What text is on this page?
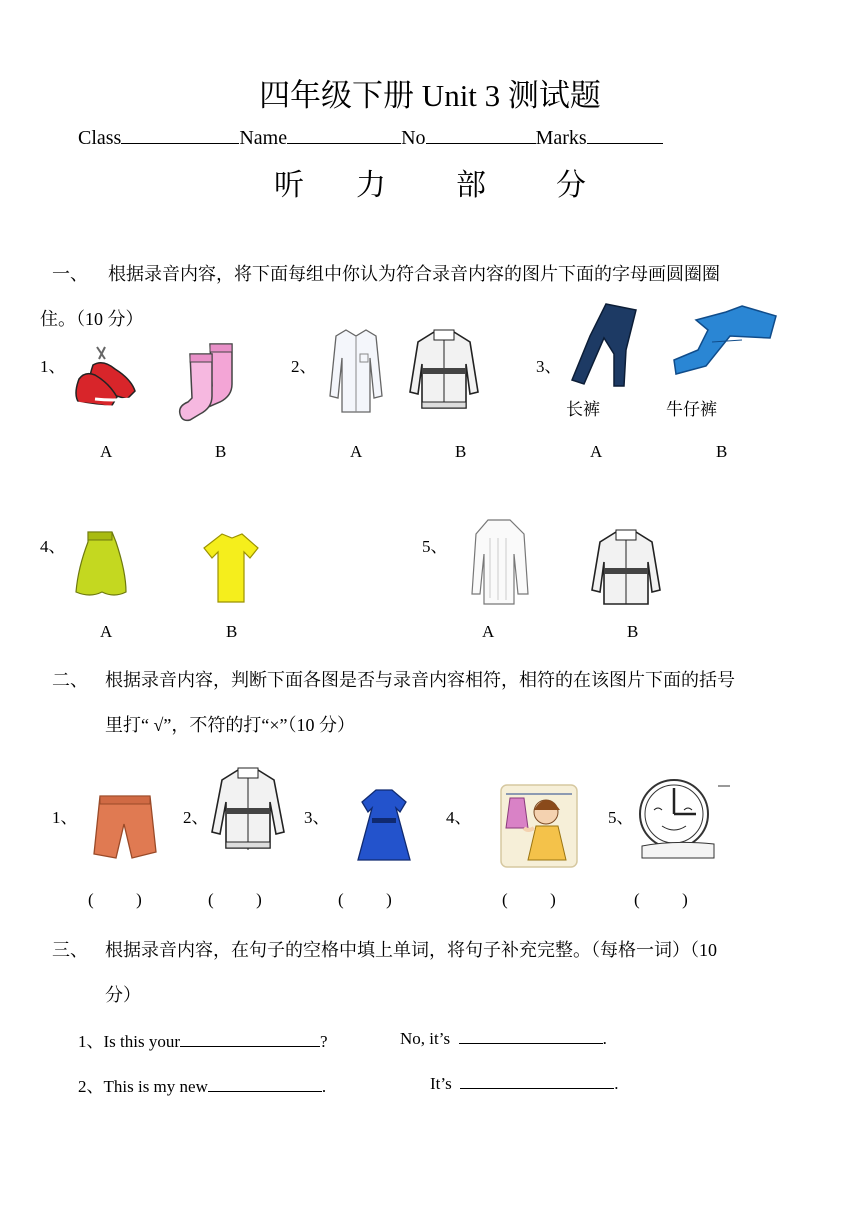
四年级下册 Unit 3 测试题
Class	Name	No	Marks
听 力 部 分
一、 根据录音内容，将下面每组中你认为符合录音内容的图片下面的字母画圆圈圈
住。（10 分）
1、	2、	3、
长裤	牛仔裤
A	B	A	B	A	B
4、	5、
A	B	A	B
二、 根据录音内容，判断下面各图是否与录音内容相符，相符的在该图片下面的括号
里打“ √”，不符的打“×”（10 分）
1、	2、	3、	4、	5、
(          )	(          )	(          )	(          )	(          )
三、 根据录音内容，在句子的空格中填上单词，将句子补充完整。（每格一词）（10
分）
1、Is this your	?	No, it’s	.
2、This is my new	.	It’s	.
